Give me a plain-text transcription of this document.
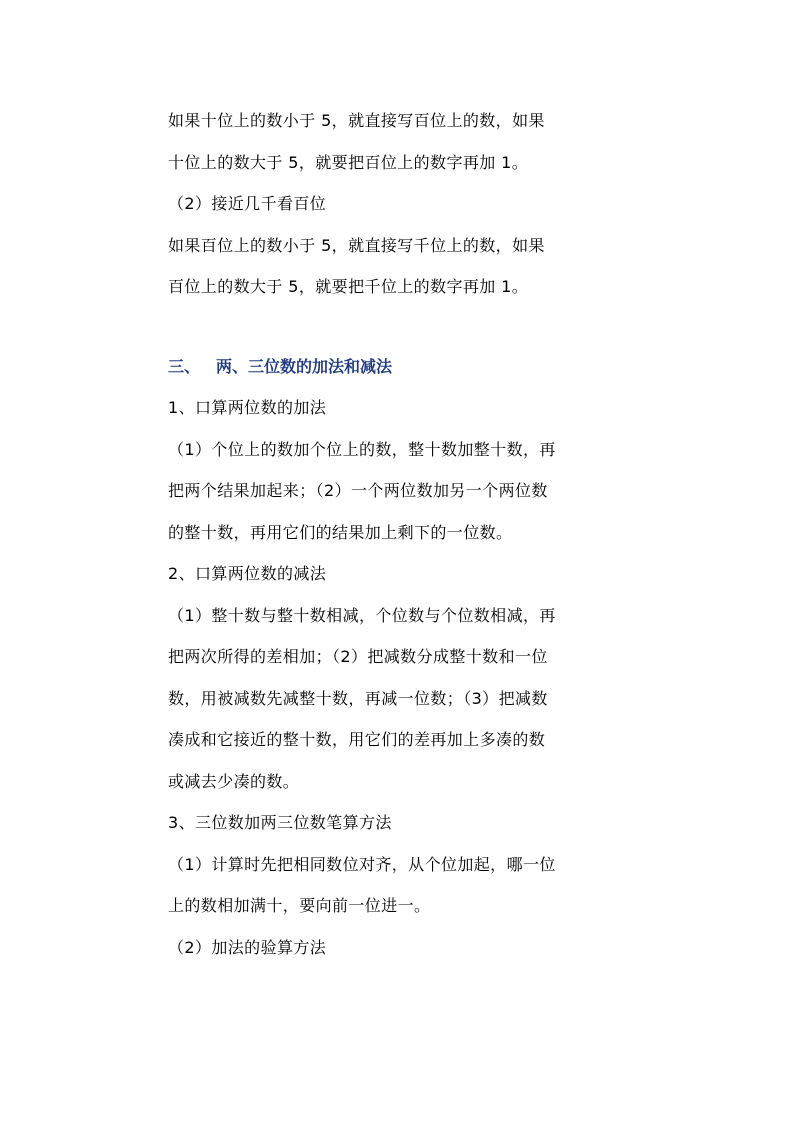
如果十位上的数小于 5，就直接写百位上的数，如果
十位上的数大于 5，就要把百位上的数字再加 1。
（2）接近几千看百位
如果百位上的数小于 5，就直接写千位上的数，如果
百位上的数大于 5，就要把千位上的数字再加 1。
三、 两、三位数的加法和减法
1、口算两位数的加法
（1）个位上的数加个位上的数，整十数加整十数，再
把两个结果加起来；（2）一个两位数加另一个两位数
的整十数，再用它们的结果加上剩下的一位数。
2、口算两位数的减法
（1）整十数与整十数相减，个位数与个位数相减，再
把两次所得的差相加；（2）把减数分成整十数和一位
数，用被减数先减整十数，再减一位数；（3）把减数
凑成和它接近的整十数，用它们的差再加上多凑的数
或减去少凑的数。
3、三位数加两三位数笔算方法
（1）计算时先把相同数位对齐，从个位加起，哪一位
上的数相加满十，要向前一位进一。
（2）加法的验算方法
